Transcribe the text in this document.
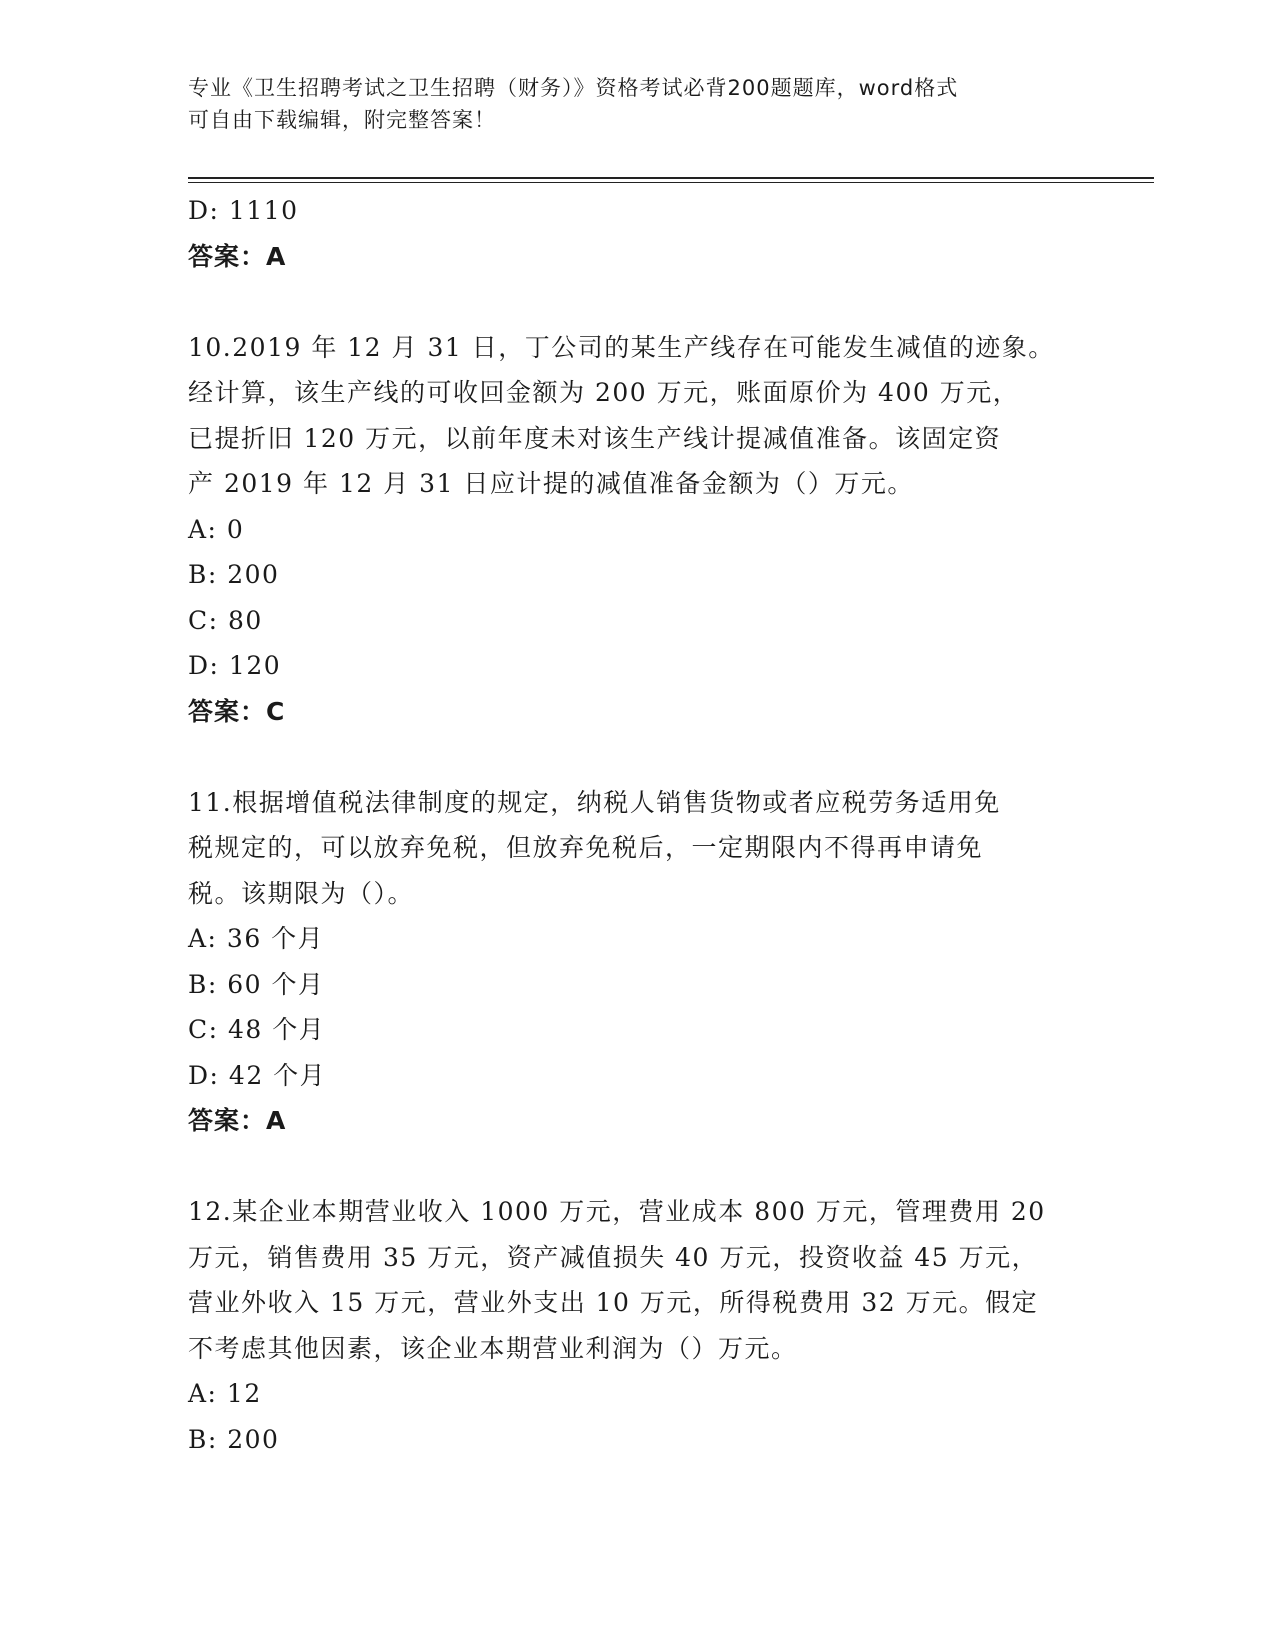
专业《卫生招聘考试之卫生招聘（财务）》资格考试必背200题题库，word格式
可自由下载编辑，附完整答案！
D: 1110
答案：A
10.2019 年 12 月 31 日，丁公司的某生产线存在可能发生减值的迹象。
经计算，该生产线的可收回金额为 200 万元，账面原价为 400 万元，
已提折旧 120 万元，以前年度未对该生产线计提减值准备。该固定资
产 2019 年 12 月 31 日应计提的减值准备金额为（）万元。
A: 0
B: 200
C: 80
D: 120
答案：C
11.根据增值税法律制度的规定，纳税人销售货物或者应税劳务适用免
税规定的，可以放弃免税，但放弃免税后，一定期限内不得再申请免
税。该期限为（）。
A: 36 个月
B: 60 个月
C: 48 个月
D: 42 个月
答案：A
12.某企业本期营业收入 1000 万元，营业成本 800 万元，管理费用 20
万元，销售费用 35 万元，资产减值损失 40 万元，投资收益 45 万元，
营业外收入 15 万元，营业外支出 10 万元，所得税费用 32 万元。假定
不考虑其他因素，该企业本期营业利润为（）万元。
A: 12
B: 200
